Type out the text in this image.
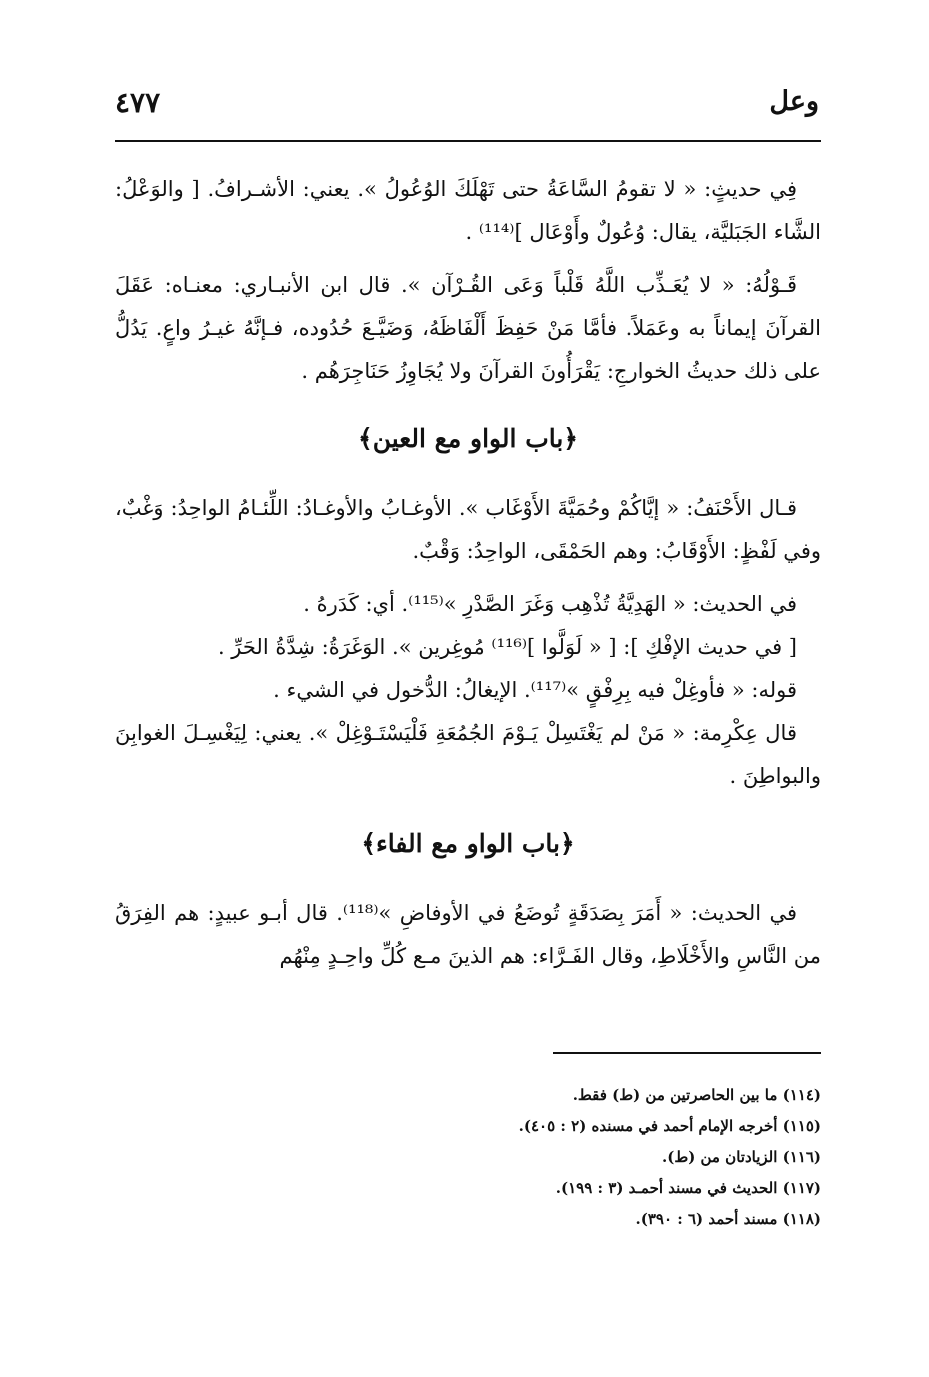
وعل

٤٧٧

فِي حديثٍ: « لا تقومُ السَّاعَةُ حتى تَهْلَكَ الوُعُولُ ». يعني: الأشـرافُ. [ والوَعْلُ: الشَّاء الجَبَليَّة، يقال: وُعُولٌ وأَوْعَال ]⁽¹¹⁴⁾ .

قَـوْلُهُ: « لا يُعَـذِّب اللَّهُ قَلْباً وَعَى القُـرْآن ». قال ابن الأنبـاري: معنـاه: عَقَلَ القرآنَ إيماناً به وعَمَلاً. فأمَّا مَنْ حَفِظَ أَلْفَاظَهُ، وَضَيَّـعَ حُدُوده، فـإنَّهُ غيـرُ واعٍ. يَدُلُّ على ذلك حديثُ الخوارجِ: يَقْرَأُونَ القرآنَ ولا يُجَاوِزُ حَنَاجِرَهُم .

﴿باب الواو مع العين﴾

قـال الأَحْنَفُ: « إيَّاكُمْ وحُمَيَّةَ الأَوْغَاب ». الأوغـابُ والأوغـادُ: اللِّئـامُ الواحِدُ: وَغْبٌ، وفي لَفْظٍ: الأَوْقَابُ: وهم الحَمْقَى، الواحِدُ: وَقْبٌ.

في الحديث: « الهَدِيَّةُ تُذْهِب وَغَرَ الصَّدْرِ »⁽¹¹⁵⁾. أي: كَدَرهُ .

[ في حديث الإفْكِ ]: [ « لَوَلَّوا ]⁽¹¹⁶⁾ مُوغِرين ». الوَغَرَةُ: شِدَّةُ الحَرِّ .

قوله: « فأوغِلْ فيه بِرِفْقٍ »⁽¹¹⁷⁾. الإيغالُ: الدُّخول في الشيء .

قال عِكْرِمة: « مَنْ لم يَغْتَسِلْ يَـوْمَ الجُمُعَةِ فَلْيَسْتَـوْغِلْ ». يعني: لِيَغْسِـلَ الغوابِنَ والبواطِنَ .

﴿باب الواو مع الفاء﴾

في الحديث: « أَمَرَ بِصَدَقَةٍ تُوضَعُ في الأوفاضِ »⁽¹¹⁸⁾. قال أبـو عبيدٍ: هم الفِرَقُ من النَّاسِ والأَخْلَاطِ، وقال الفَـرَّاء: هم الذينَ مـع كُلِّ واحِـدٍ مِنْهُم

(١١٤) ما بين الحاصرتين من (ط) فقط.

(١١٥) أخرجه الإمام أحمد في مسنده (٢ : ٤٠٥).

(١١٦) الزيادتان من (ط).

(١١٧) الحديث في مسند أحمـد (٣ : ١٩٩).

(١١٨) مسند أحمد (٦ : ٣٩٠).
